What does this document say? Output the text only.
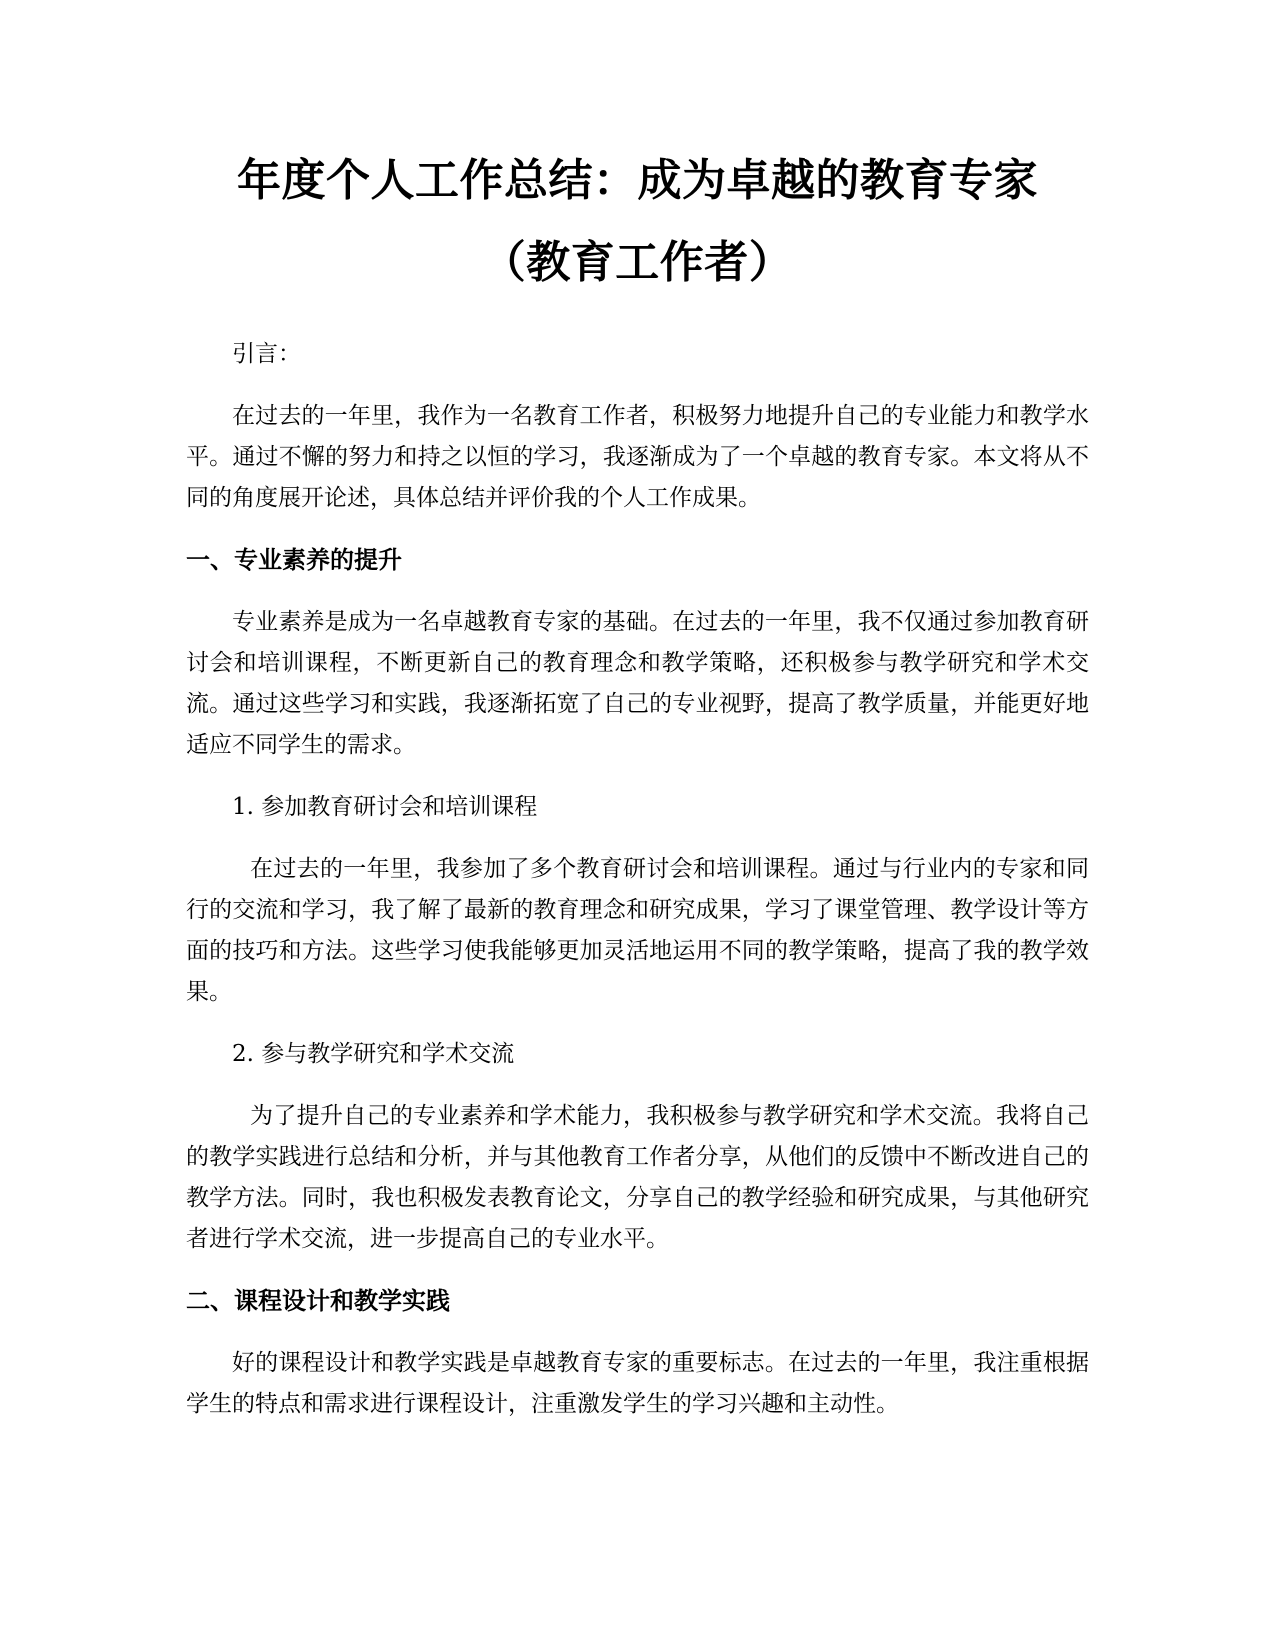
年度个人工作总结：成为卓越的教育专家
（教育工作者）

引言：

在过去的一年里，我作为一名教育工作者，积极努力地提升自己的专业能力和教学水平。通过不懈的努力和持之以恒的学习，我逐渐成为了一个卓越的教育专家。本文将从不同的角度展开论述，具体总结并评价我的个人工作成果。

一、专业素养的提升

专业素养是成为一名卓越教育专家的基础。在过去的一年里，我不仅通过参加教育研讨会和培训课程，不断更新自己的教育理念和教学策略，还积极参与教学研究和学术交流。通过这些学习和实践，我逐渐拓宽了自己的专业视野，提高了教学质量，并能更好地适应不同学生的需求。

1. 参加教育研讨会和培训课程

在过去的一年里，我参加了多个教育研讨会和培训课程。通过与行业内的专家和同行的交流和学习，我了解了最新的教育理念和研究成果，学习了课堂管理、教学设计等方面的技巧和方法。这些学习使我能够更加灵活地运用不同的教学策略，提高了我的教学效果。

2. 参与教学研究和学术交流

为了提升自己的专业素养和学术能力，我积极参与教学研究和学术交流。我将自己的教学实践进行总结和分析，并与其他教育工作者分享，从他们的反馈中不断改进自己的教学方法。同时，我也积极发表教育论文，分享自己的教学经验和研究成果，与其他研究者进行学术交流，进一步提高自己的专业水平。

二、课程设计和教学实践

好的课程设计和教学实践是卓越教育专家的重要标志。在过去的一年里，我注重根据学生的特点和需求进行课程设计，注重激发学生的学习兴趣和主动性。
